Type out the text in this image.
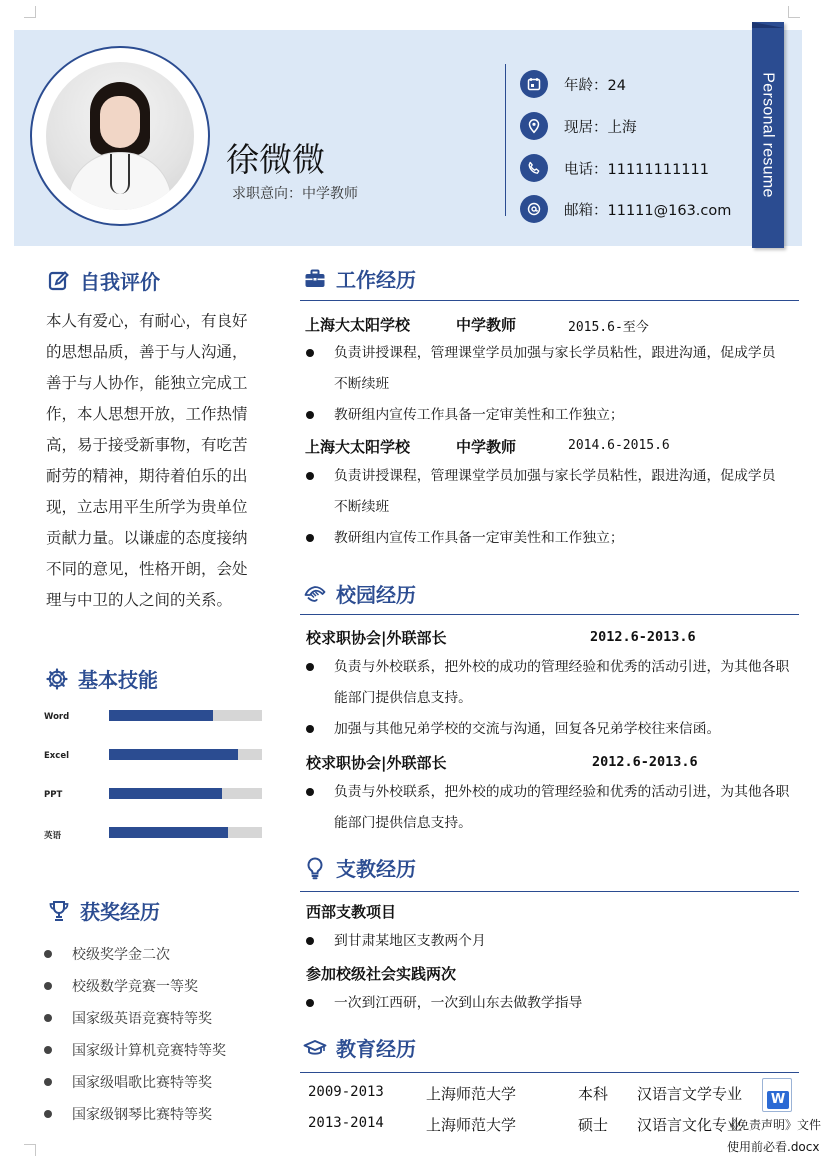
徐微微
求职意向：中学教师
年龄：24
现居：上海
电话：11111111111
邮箱：11111@163.com
Personal resume
自我评价
本人有爱心，有耐心，有良好
的思想品质，善于与人沟通，
善于与人协作，能独立完成工
作，本人思想开放，工作热情
高，易于接受新事物，有吃苦
耐劳的精神，期待着伯乐的出
现，立志用平生所学为贵单位
贡献力量。以谦虚的态度接纳
不同的意见，性格开朗，会处
理与中卫的人之间的关系。
基本技能
Word
Excel
PPT
英语
获奖经历
校级奖学金二次
校级数学竞赛一等奖
国家级英语竞赛特等奖
国家级计算机竞赛特等奖
国家级唱歌比赛特等奖
国家级钢琴比赛特等奖
工作经历
上海大太阳学校	中学教师	2015.6-至今
负责讲授课程，管理课堂学员加强与家长学员粘性，跟进沟通，促成学员不断续班
教研组内宣传工作具备一定审美性和工作独立；
上海大太阳学校	中学教师	2014.6-2015.6
负责讲授课程，管理课堂学员加强与家长学员粘性，跟进沟通，促成学员不断续班
教研组内宣传工作具备一定审美性和工作独立；
校园经历
校求职协会|外联部长	2012.6-2013.6
负责与外校联系，把外校的成功的管理经验和优秀的活动引进，为其他各职能部门提供信息支持。
加强与其他兄弟学校的交流与沟通，回复各兄弟学校往来信函。
校求职协会|外联部长	2012.6-2013.6
负责与外校联系，把外校的成功的管理经验和优秀的活动引进，为其他各职能部门提供信息支持。
支教经历
西部支教项目
到甘肃某地区支教两个月
参加校级社会实践两次
一次到江西研，一次到山东去做教学指导
教育经历
2009-2013	上海师范大学	本科 汉语言文学专业
2013-2014	上海师范大学	硕士 汉语言文化专业
W
《免责声明》文件
使用前必看.docx
